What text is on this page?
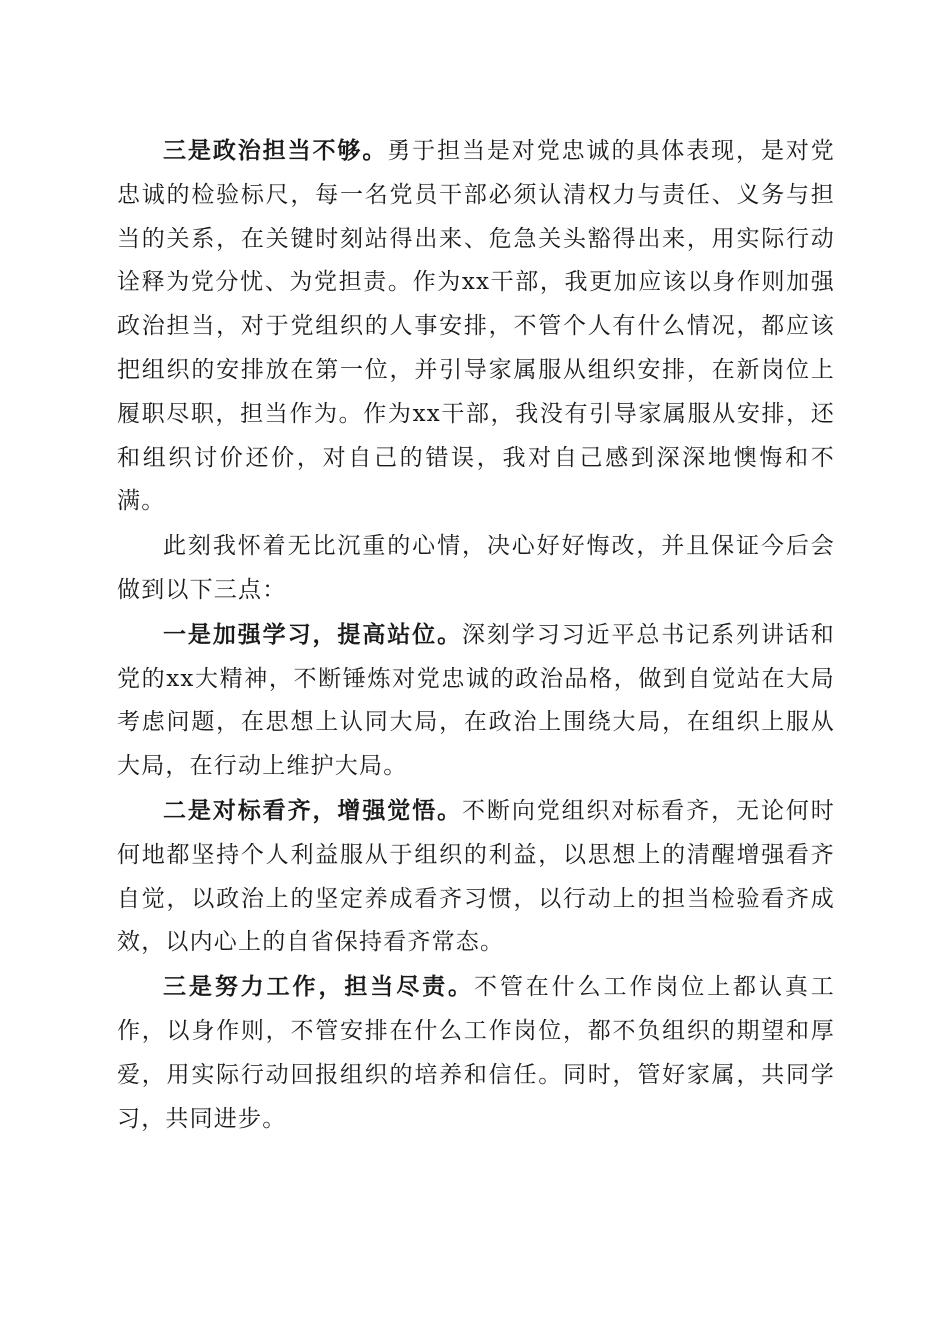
三是政治担当不够。勇于担当是对党忠诚的具体表现，是对党忠诚的检验标尺，每一名党员干部必须认清权力与责任、义务与担当的关系，在关键时刻站得出来、危急关头豁得出来，用实际行动诠释为党分忧、为党担责。作为xx干部，我更加应该以身作则加强政治担当，对于党组织的人事安排，不管个人有什么情况，都应该把组织的安排放在第一位，并引导家属服从组织安排，在新岗位上履职尽职，担当作为。作为xx干部，我没有引导家属服从安排，还和组织讨价还价，对自己的错误，我对自己感到深深地懊悔和不满。

此刻我怀着无比沉重的心情，决心好好悔改，并且保证今后会做到以下三点：

一是加强学习，提高站位。深刻学习习近平总书记系列讲话和党的xx大精神，不断锤炼对党忠诚的政治品格，做到自觉站在大局考虑问题，在思想上认同大局，在政治上围绕大局，在组织上服从大局，在行动上维护大局。

二是对标看齐，增强觉悟。不断向党组织对标看齐，无论何时何地都坚持个人利益服从于组织的利益，以思想上的清醒增强看齐自觉，以政治上的坚定养成看齐习惯，以行动上的担当检验看齐成效，以内心上的自省保持看齐常态。

三是努力工作，担当尽责。不管在什么工作岗位上都认真工作，以身作则，不管安排在什么工作岗位，都不负组织的期望和厚爱，用实际行动回报组织的培养和信任。同时，管好家属，共同学习，共同进步。
